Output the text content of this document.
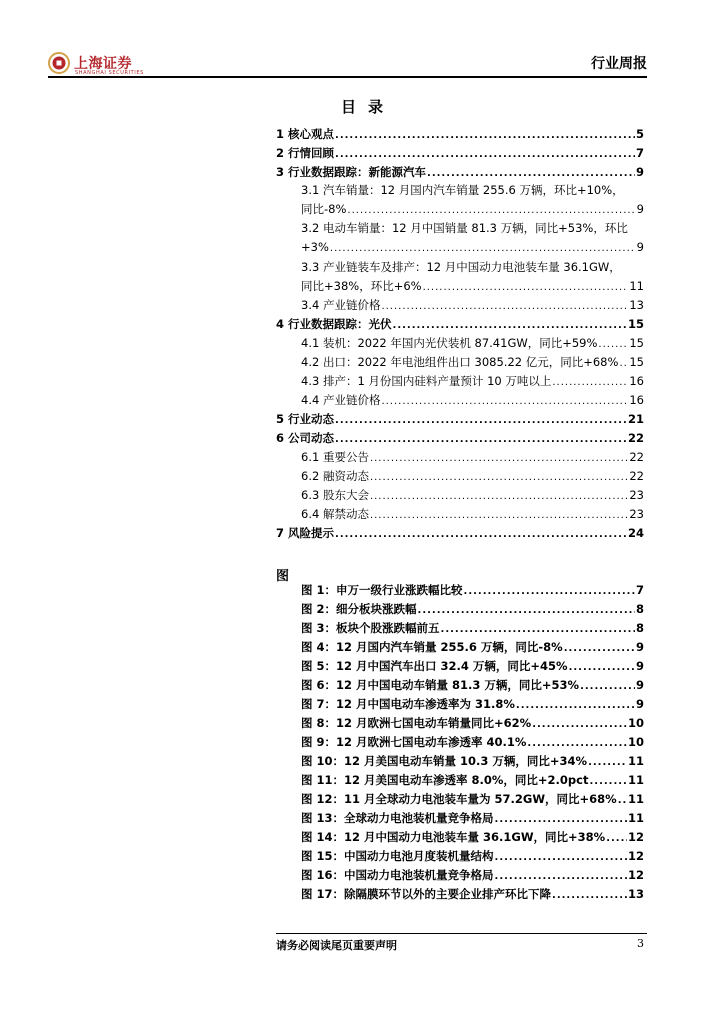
上海证券
SHANGHAI SECURITIES
行业周报
目录
1 核心观点 .....	5
2 行情回顾 .....	7
3 行业数据跟踪：新能源汽车 .....	9
3.1 汽车销量：12 月国内汽车销量 255.6 万辆，环比+10%，
同比-8% .....	9
3.2 电动车销量：12 月中国销量 81.3 万辆，同比+53%，环比
+3% .....	9
3.3 产业链装车及排产：12 月中国动力电池装车量 36.1GW，
同比+38%，环比+6% .....	11
3.4 产业链价格 .....	13
4 行业数据跟踪：光伏 .....	15
4.1 装机：2022 年国内光伏装机 87.41GW，同比+59% .....	15
4.2 出口：2022 年电池组件出口 3085.22 亿元，同比+68% ..... 15
4.3 排产：1 月份国内硅料产量预计 10 万吨以上 .....	16
4.4 产业链价格 .....	16
5 行业动态 .....	21
6 公司动态 .....	22
6.1 重要公告 .....	22
6.2 融资动态 .....	22
6.3 股东大会 .....	23
6.4 解禁动态 .....	23
7 风险提示 .....	24
图
图 1：申万一级行业涨跌幅比较 .....	7
图 2：细分板块涨跌幅 .....	8
图 3：板块个股涨跌幅前五 .....	8
图 4：12 月国内汽车销量 255.6 万辆，同比-8% .....	9
图 5：12 月中国汽车出口 32.4 万辆，同比+45% .....	9
图 6：12 月中国电动车销量 81.3 万辆，同比+53% .....	9
图 7：12 月中国电动车渗透率为 31.8% .....	9
图 8：12 月欧洲七国电动车销量同比+62% .....	10
图 9：12 月欧洲七国电动车渗透率 40.1% .....	10
图 10：12 月美国电动车销量 10.3 万辆，同比+34% .....	11
图 11：12 月美国电动车渗透率 8.0%，同比+2.0pct .....	11
图 12：11 月全球动力电池装车量为 57.2GW，同比+68% ..... 11
图 13：全球动力电池装机量竞争格局 .....	11
图 14：12 月中国动力电池装车量 36.1GW，同比+38% ..... 12
图 15：中国动力电池月度装机量结构 .....	12
图 16：中国动力电池装机量竞争格局 .....	12
图 17：除隔膜环节以外的主要企业排产环比下降 .....	13
请务必阅读尾页重要声明	3
